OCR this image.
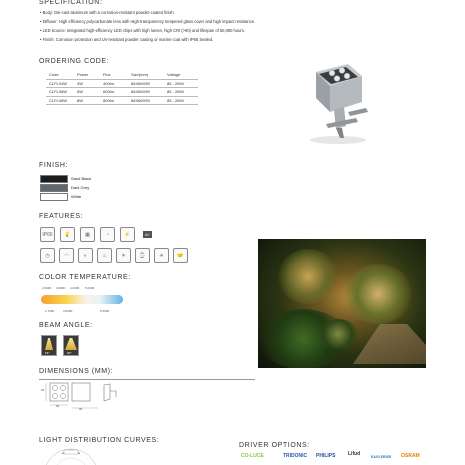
SPECIFICATION:
• Body: Die-cast aluminum with a corrosion-resistant powder-coated finish
• Diffuser: High efficiency polycarbonate lens with High-transparency tempered glass cover and high impact resistance.
• LED Source: Integrated high-efficiency LED chips with high lumen, high CRI (>90) and lifespan of 50,000 hours.
• Finish: Corrosion protection and UV-resistant powder coating or marine coat with IP66 Sealed.
ORDERING CODE:
Code	Power	Flux	Size(mm)	Voltage
CLFL04W	4W	400lm	66X66X95	85 - 265V
CLFL06W	6W	600lm	66X66X95	85 - 265V
CLFL08W	8W	800lm	66X66X95	85 - 265V
FINISH:
Sand Black
Dark Grey
White
FEATURES:
IP66	💡	▦	◔	⚡	A+
◷	◠	◐	♨	☀	⌚	✳	🤝
COLOR TEMPERATURE:
2,000K 3,000K 4,000K 5,000K
2,700K	3,000K	6,500K
BEAM ANGLE:
15°	30°
DIMENSIONS (MM):
66
66
95
LIGHT DISTRIBUTION CURVES:
DRIVER OPTIONS:
CO-LUCE	TRIDONIC PHILIPS	Lifud	EAGLERISE OSRAM
